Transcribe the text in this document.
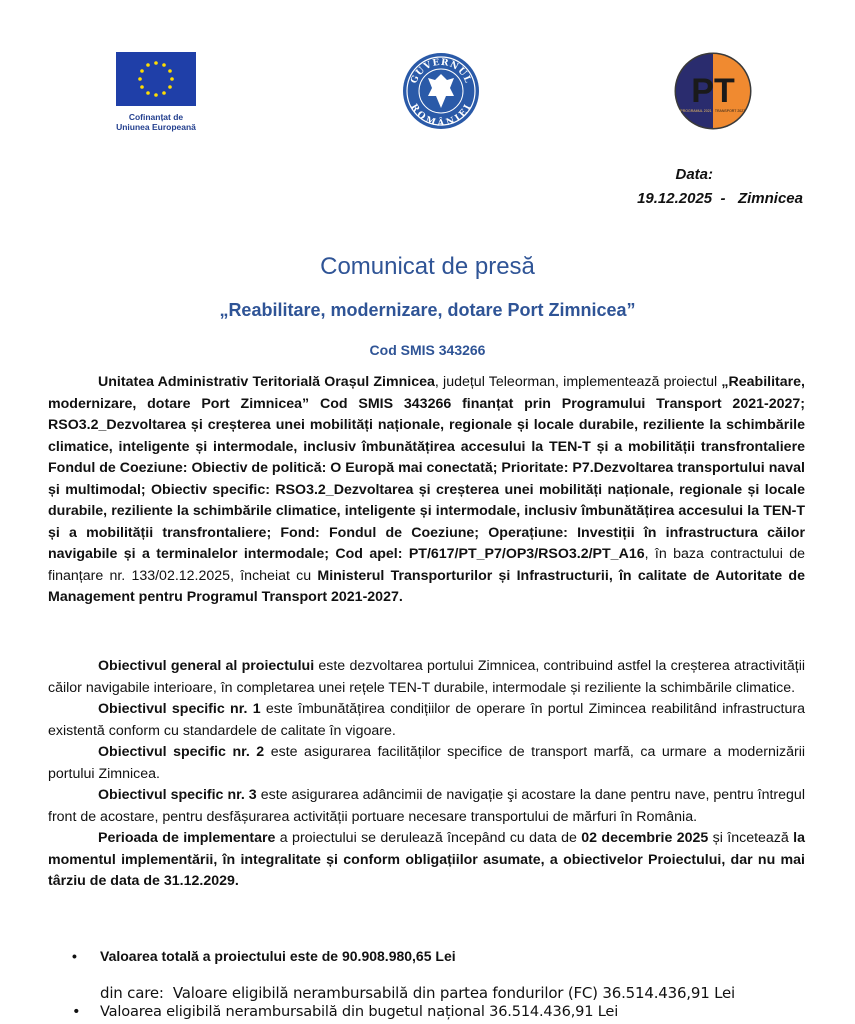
Cofinanțat de
Uniunea Europeană
GUVERNUL
ROMÂNIEI	PT
PROGRAMUL 2021 TRANSPORT 2027
Data:
19.12.2025  -   Zimnicea
Comunicat de presă
„Reabilitare, modernizare, dotare Port Zimnicea”
Cod SMIS 343266

Unitatea Administrativ Teritorială Orașul Zimnicea, județul Teleorman, implementează proiectul „Reabilitare, modernizare, dotare Port Zimnicea” Cod SMIS 343266 finanțat prin Programului Transport 2021-2027; RSO3.2_Dezvoltarea și creșterea unei mobilități naționale, regionale și locale durabile, reziliente la schimbările climatice, inteligente și intermodale, inclusiv îmbunătățirea accesului la TEN-T și a mobilității transfrontaliere Fondul de Coeziune: Obiectiv de politică: O Europă mai conectată; Prioritate: P7.Dezvoltarea transportului naval și multimodal; Obiectiv specific: RSO3.2_Dezvoltarea și creșterea unei mobilități naționale, regionale și locale durabile, reziliente la schimbările climatice, inteligente și intermodale, inclusiv îmbunătățirea accesului la TEN-T și a mobilității transfrontaliere; Fond: Fondul de Coeziune; Operațiune: Investiții în infrastructura căilor navigabile și a terminalelor intermodale; Cod apel: PT/617/PT_P7/OP3/RSO3.2/PT_A16, în baza contractului de finanțare nr. 133/02.12.2025, încheiat cu Ministerul Transporturilor și Infrastructurii, în calitate de Autoritate de Management pentru Programul Transport 2021-2027.

Obiectivul general al proiectului este dezvoltarea portului Zimnicea, contribuind astfel la creșterea atractivității căilor navigabile interioare, în completarea unei rețele TEN-T durabile, intermodale și reziliente la schimbările climatice.

Obiectivul specific nr. 1 este îmbunătățirea condițiilor de operare în portul Zimincea reabilitând infrastructura existentă conform cu standardele de calitate în vigoare.

Obiectivul specific nr. 2 este asigurarea facilităților specifice de transport marfă, ca urmare a modernizării portului Zimnicea.

Obiectivul specific nr. 3 este asigurarea adâncimii de navigație şi acostare la dane pentru nave, pentru întregul front de acostare, pentru desfășurarea activității portuare necesare transportului de mărfuri în România.

Perioada de implementare a proiectului se derulează începând cu data de 02 decembrie 2025 și încetează la momentul implementării, în integralitate și conform obligațiilor asumate, a obiectivelor Proiectului, dar nu mai târziu de data de 31.12.2029.

• Valoarea totală a proiectului este de 90.908.980,65 Lei
din care:  Valoare eligibilă nerambursabilă din partea fondurilor (FC) 36.514.436,91 Lei
• Valoarea eligibilă nerambursabilă din bugetul național 36.514.436,91 Lei
